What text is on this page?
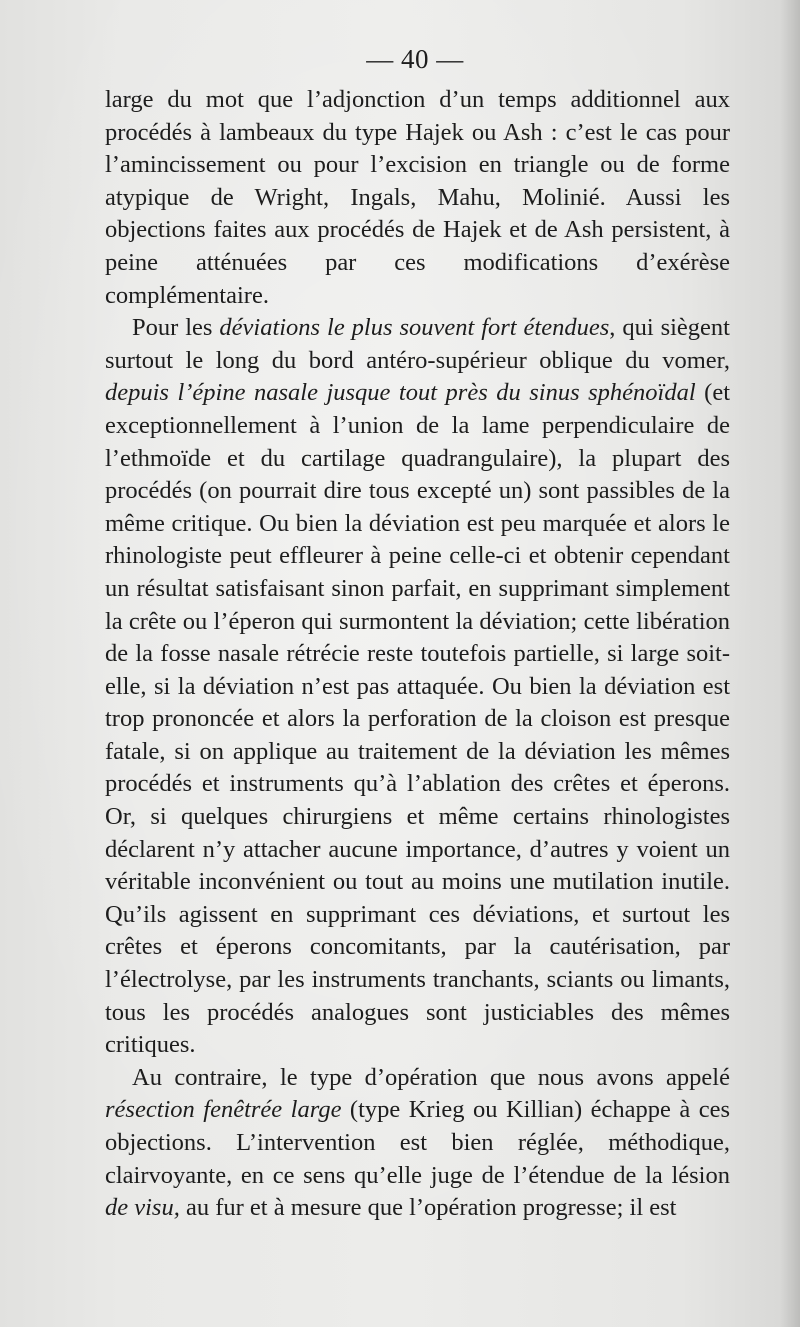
— 40 —

large du mot que l’adjonction d’un temps additionnel aux procédés à lambeaux du type Hajek ou Ash : c’est le cas pour l’amincissement ou pour l’excision en triangle ou de forme atypique de Wright, Ingals, Mahu, Molinié. Aussi les objections faites aux procédés de Hajek et de Ash persistent, à peine atténuées par ces modifications d’exérèse complémentaire.

Pour les déviations le plus souvent fort étendues, qui siègent surtout le long du bord antéro-supérieur oblique du vomer, depuis l’épine nasale jusque tout près du sinus sphénoïdal (et exceptionnellement à l’union de la lame perpendiculaire de l’ethmoïde et du cartilage quadrangulaire), la plupart des procédés (on pourrait dire tous excepté un) sont passibles de la même critique. Ou bien la déviation est peu marquée et alors le rhinologiste peut effleurer à peine celle-ci et obtenir cependant un résultat satisfaisant sinon parfait, en supprimant simplement la crête ou l’éperon qui surmontent la déviation; cette libération de la fosse nasale rétrécie reste toutefois partielle, si large soit-elle, si la déviation n’est pas attaquée. Ou bien la déviation est trop prononcée et alors la perforation de la cloison est presque fatale, si on applique au traitement de la déviation les mêmes procédés et instruments qu’à l’ablation des crêtes et éperons. Or, si quelques chirurgiens et même certains rhinologistes déclarent n’y attacher aucune importance, d’autres y voient un véritable inconvénient ou tout au moins une mutilation inutile. Qu’ils agissent en supprimant ces déviations, et surtout les crêtes et éperons concomitants, par la cautérisation, par l’électrolyse, par les instruments tranchants, sciants ou limants, tous les procédés analogues sont justiciables des mêmes critiques.

Au contraire, le type d’opération que nous avons appelé résection fenêtrée large (type Krieg ou Killian) échappe à ces objections. L’intervention est bien réglée, méthodique, clairvoyante, en ce sens qu’elle juge de l’étendue de la lésion de visu, au fur et à mesure que l’opération progresse; il est
